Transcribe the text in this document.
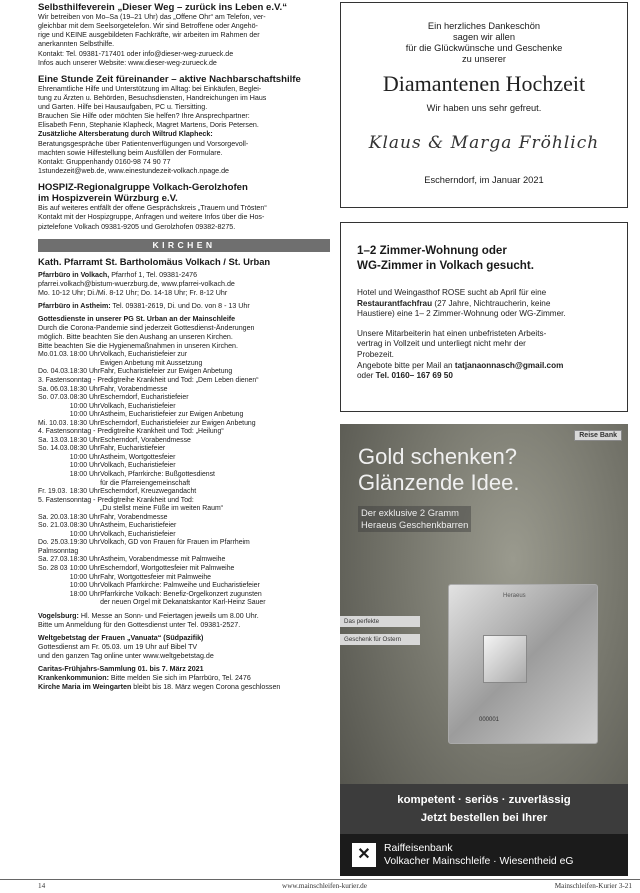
Selbsthilfeverein „Dieser Weg – zurück ins Leben e.V.“
Wir betreiben von Mo–Sa (19–21 Uhr) das „Offene Ohr“ am Telefon, ver-
gleichbar mit dem Seelsorgetelefon. Wir sind Betroffene oder Angehö-
rige und KEINE ausgebildeten Fachkräfte, wir arbeiten im Rahmen der
anerkannten Selbsthilfe.
Kontakt: Tel. 09381-717401 oder info@dieser-weg-zurueck.de
Infos auch unserer Website: www.dieser-weg-zurueck.de
Eine Stunde Zeit füreinander – aktive Nachbarschaftshilfe
Ehrenamtliche Hilfe und Unterstützung im Alltag: bei Einkäufen, Beglei-
tung zu Ärzten u. Behörden, Besuchsdiensten, Handreichungen im Haus
und Garten. Hilfe bei Hausaufgaben, PC u. Tiersitting.
Brauchen Sie Hilfe oder möchten Sie helfen? Ihre Ansprechpartner:
Elisabeth Fenn, Stephanie Klapheck, Magret Martens, Doris Petersen.
Zusätzliche Altersberatung durch Wiltrud Klapheck:
Beratungsgespräche über Patientenverfügungen und Vorsorgevoll-
machten sowie Hilfestellung beim Ausfüllen der Formulare.
Kontakt: Gruppenhandy 0160-98 74 90 77
1stundezeit@web.de, www.einestundezeit-volkach.npage.de
HOSPIZ-Regionalgruppe Volkach-Gerolzhofen
im Hospizverein Würzburg e.V.
Bis auf weiteres entfällt der offene Gesprächskreis „Trauern und Trösten“
Kontakt mit der Hospizgruppe, Anfragen und weitere Infos über die Hos-
piztelefone Volkach 09381-9205 und Gerolzhofen 09382-8275.
KIRCHEN
Kath. Pfarramt St. Bartholomäus Volkach / St. Urban
Pfarrbüro in Volkach, Pfarrhof 1, Tel. 09381-2476
pfarrei.volkach@bistum-wuerzburg.de, www.pfarrei-volkach.de
Mo. 10-12 Uhr; Di./Mi. 8-12 Uhr; Do. 14-18 Uhr; Fr. 8-12 Uhr
Pfarrbüro in Astheim: Tel. 09381-2619, Di. und Do. von 8 - 13 Uhr
Gottesdienste in unserer PG St. Urban an der Mainschleife
Durch die Corona-Pandemie sind jederzeit Gottesdienst-Änderungen
möglich. Bitte beachten Sie den Aushang an unseren Kirchen.
Bitte beachten Sie die Hygienemaßnahmen in unseren Kirchen.
Mo.01.03.	18:00 Uhr	Volkach, Eucharistiefeier zur
		Ewigen Anbetung mit Aussetzung
Do. 04.03.	18:30 Uhr	Fahr, Eucharistiefeier zur Ewigen Anbetung
3. Fastensonntag - Predigtreihe Krankheit und Tod: „Dem Leben dienen“		
Sa. 06.03.	18:30 Uhr	Fahr, Vorabendmesse
So. 07.03.	08:30 Uhr	Escherndorf, Eucharistiefeier
	10:00 Uhr	Volkach, Eucharistiefeier
	10:00 Uhr	Astheim, Eucharistiefeier zur Ewigen Anbetung
Mi. 10.03.	18:30 Uhr	Escherndorf, Eucharistiefeier zur Ewigen Anbetung
4. Fastensonntag - Predigtreihe Krankheit und Tod: „Heilung“		
Sa. 13.03.	18:30 Uhr	Escherndorf, Vorabendmesse
So. 14.03.	08:30 Uhr	Fahr, Eucharistiefeier
	10:00 Uhr	Astheim, Wortgottesfeier
	10:00 Uhr	Volkach, Eucharistiefeier
	18:00 Uhr	Volkach, Pfarrkirche: Bußgottesdienst
		für die Pfarreiengemeinschaft
Fr. 19.03.	18:30 Uhr	Escherndorf, Kreuzwegandacht
5. Fastensonntag - Predigtreihe Krankheit und Tod:		
		„Du stellst meine Füße im weiten Raum“
Sa. 20.03.	18:30 Uhr	Fahr, Vorabendmesse
So. 21.03.	08:30 Uhr	Astheim, Eucharistiefeier
	10:00 Uhr	Volkach, Eucharistiefeier
Do. 25.03.	19:30 Uhr	Volkach, GD von Frauen für Frauen im Pfarrheim
Palmsonntag		
Sa. 27.03.	18:30 Uhr	Astheim, Vorabendmesse mit Palmweihe
So. 28 03	10:00 Uhr	Escherndorf, Wortgottesfeier mit Palmweihe
	10:00 Uhr	Fahr, Wortgottesfeier mit Palmweihe
	10:00 Uhr	Volkach Pfarrkirche: Palmweihe und Eucharistiefeier
	18:00 Uhr	Pfarrkirche Volkach: Benefiz-Orgelkonzert zugunsten
		der neuen Orgel mit Dekanatskantor Karl-Heinz Sauer
Vogelsburg: Hl. Messe an Sonn- und Feiertagen jeweils um 8.00 Uhr.
Bitte um Anmeldung für den Gottesdienst unter Tel. 09381-2527.
Weltgebetstag der Frauen „Vanuata“ (Südpazifik)
Gottesdienst am Fr. 05.03. um 19 Uhr auf Bibel TV
und den ganzen Tag online unter www.weltgebetstag.de
Caritas-Frühjahrs-Sammlung 01. bis 7. März 2021
Krankenkommunion: Bitte melden Sie sich im Pfarrbüro, Tel. 2476
Kirche Maria im Weingarten bleibt bis 18. März wegen Corona geschlossen
Ein herzliches Dankeschön
sagen wir allen
für die Glückwünsche und Geschenke
zu unserer
Diamantenen Hochzeit
Wir haben uns sehr gefreut.
Klaus & Marga Fröhlich
Escherndorf, im Januar 2021
1–2 Zimmer-Wohnung oder
WG-Zimmer in Volkach gesucht.
Hotel und Weingasthof ROSE sucht ab April für eine
Restaurantfachfrau (27 Jahre, Nichtraucherin, keine
Haustiere) eine 1– 2 Zimmer-Wohnung oder WG-Zimmer.
Unsere Mitarbeiterin hat einen unbefristeten Arbeits-
vertrag in Vollzeit und unterliegt nicht mehr der
Probezeit.
Angebote bitte per Mail an tatjanaonnasch@gmail.com
oder Tel. 0160– 167 69 50
Reise Bank
Gold schenken?
Glänzende Idee.
Der exklusive 2 Gramm
Heraeus Geschenkbarren
Heraeus
000001
Das perfekte
Geschenk für Ostern
kompetent · seriös · zuverlässig
Jetzt bestellen bei Ihrer
✕	Raiffeisenbank
Volkacher Mainschleife · Wiesentheid eG
14	www.mainschleifen-kurier.de	Mainschleifen-Kurier 3-21
